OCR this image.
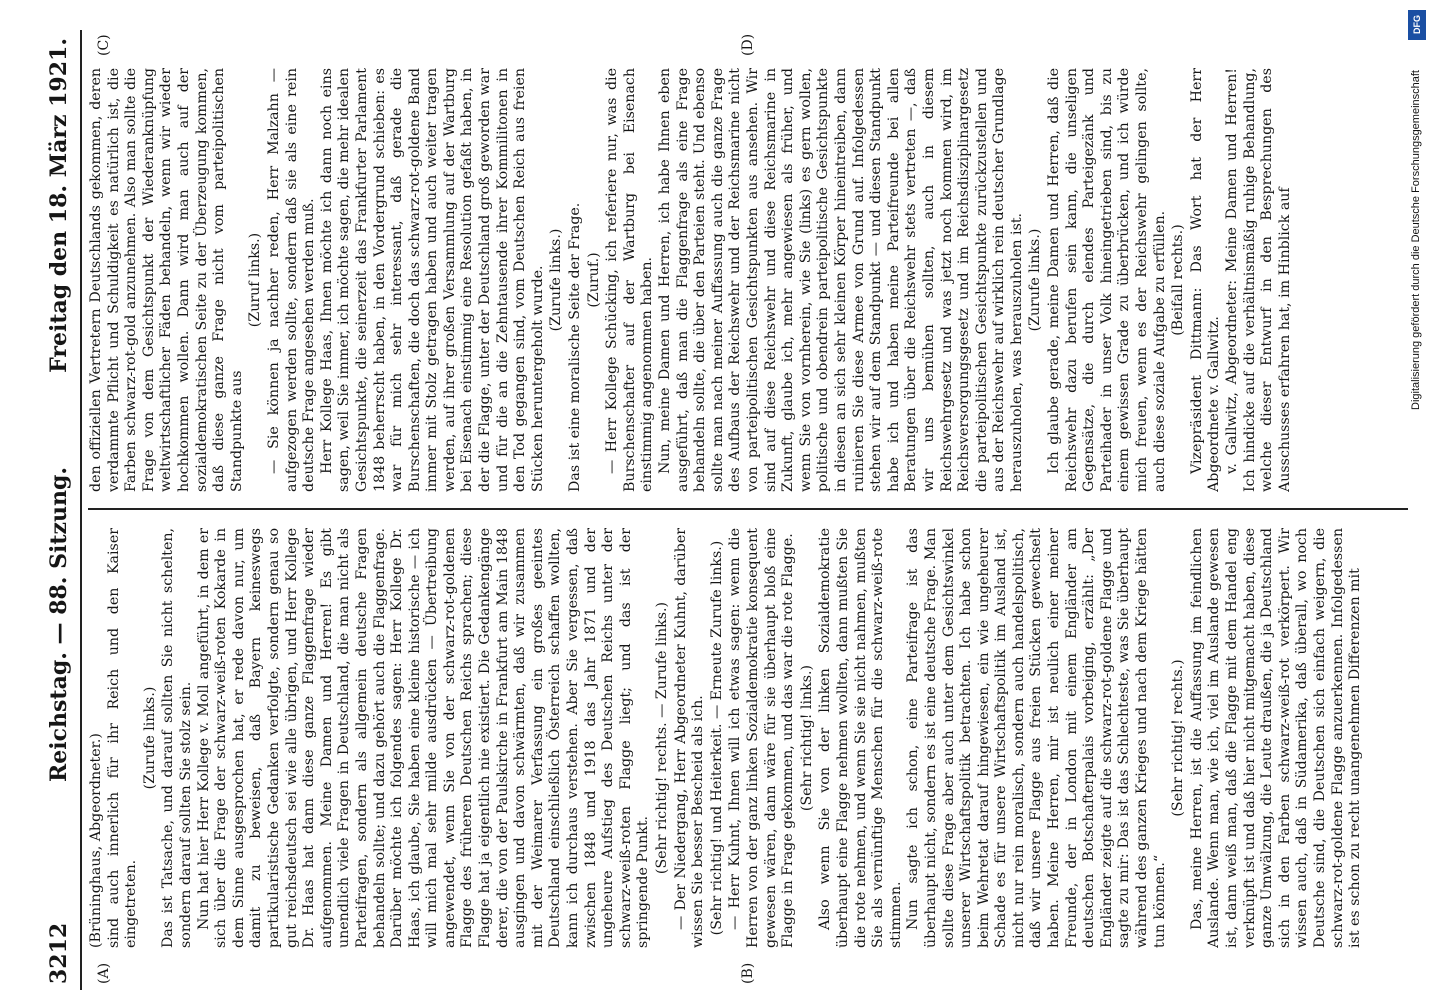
3212
Reichstag. — 88. Sitzung.
Freitag den 18. März 1921.
(A)	(B)
(C)	(D)

(Brüninghaus, Abgeordneter.) sind auch innerlich für ihr Reich und den Kaiser eingetreten.

(Zurufe links.) Das ist Tatsache, und darauf sollten Sie nicht schelten, sondern darauf sollten Sie stolz sein. Nun hat hier Herr Kollege v. Moll angeführt, in dem er sich über die Frage der schwarz-weiß-roten Kokarde in dem Sinne ausgesprochen hat, er rede davon nur, um damit zu beweisen, daß Bayern keineswegs partikularistische Gedanken verfolgte, sondern genau so gut reichsdeutsch sei wie alle übrigen, und Herr Kollege Dr. Haas hat dann diese ganze Flaggenfrage wieder aufgenommen. Meine Damen und Herren! Es gibt unendlich viele Fragen in Deutschland, die man nicht als Parteifragen, sondern als allgemein deutsche Fragen behandeln sollte; und dazu gehört auch die Flaggenfrage. Darüber möchte ich folgendes sagen: Herr Kollege Dr. Haas, ich glaube, Sie haben eine kleine historische — ich will mich mal sehr milde ausdrücken — Übertreibung angewendet, wenn Sie von der schwarz-rot-goldenen Flagge des früheren Deutschen Reichs sprachen; diese Flagge hat ja eigentlich nie existiert. Die Gedankengänge derer, die von der Paulskirche in Frankfurt am Main 1848 ausgingen und davon schwärmten, daß wir zusammen mit der Weimarer Verfassung ein großes geeintes Deutschland einschließlich Österreich schaffen wollten, kann ich durchaus verstehen. Aber Sie vergessen, daß zwischen 1848 und 1918 das Jahr 1871 und der ungeheure Aufstieg des Deutschen Reichs unter der schwarz-weiß-roten Flagge liegt; und das ist der springende Punkt.

(Sehr richtig! rechts. — Zurufe links.) — Der Niedergang, Herr Abgeordneter Kuhnt, darüber wissen Sie besser Bescheid als ich. (Sehr richtig! und Heiterkeit. — Erneute Zurufe links.) — Herr Kuhnt, Ihnen will ich etwas sagen: wenn die Herren von der ganz linken Sozialdemokratie konsequent gewesen wären, dann wäre für sie überhaupt bloß eine Flagge in Frage gekommen, und das war die rote Flagge. (Sehr richtig! links.) Also wenn Sie von der linken Sozialdemokratie überhaupt eine Flagge nehmen wollten, dann mußten Sie die rote nehmen, und wenn Sie sie nicht nahmen, mußten Sie als vernünftige Menschen für die schwarz-weiß-rote stimmen. Nun sagte ich schon, eine Parteifrage ist das überhaupt nicht, sondern es ist eine deutsche Frage. Man sollte diese Frage aber auch unter dem Gesichtswinkel unserer Wirtschaftspolitik betrachten. Ich habe schon beim Wehretat darauf hingewiesen, ein wie ungeheurer Schade es für unsere Wirtschaftspolitik im Ausland ist, nicht nur rein moralisch, sondern auch handelspolitisch, daß wir unsere Flagge aus freien Stücken gewechselt haben. Meine Herren, mir ist neulich einer meiner Freunde, der in London mit einem Engländer am deutschen Botschafterpalais vorbeiging, erzählt: „Der Engländer zeigte auf die schwarz-rot-goldene Flagge und sagte zu mir: Das ist das Schlechteste, was Sie überhaupt während des ganzen Krieges und nach dem Kriege hätten tun können.“

(Sehr richtig! rechts.) Das, meine Herren, ist die Auffassung im feindlichen Auslande. Wenn man, wie ich, viel im Auslande gewesen ist, dann weiß man, daß die Flagge mit dem Handel eng verknüpft ist und daß hier nicht mitgemacht haben, diese ganze Umwälzung, die Leute draußen, die ja Deutschland sich in den Farben schwarz-weiß-rot verkörpert. Wir wissen auch, daß in Südamerika, daß überall, wo noch Deutsche sind, die Deutschen sich einfach weigern, die schwarz-rot-goldene Flagge anzuerkennen. Infolgedessen ist es schon zu recht unangenehmen Differenzen mit

den offiziellen Vertretern Deutschlands gekommen, deren verdammte Pflicht und Schuldigkeit es natürlich ist, die Farben schwarz-rot-gold anzunehmen. Also man sollte die Frage von dem Gesichtspunkt der Wiederanknüpfung weltwirtschaftlicher Fäden behandeln, wenn wir wieder hochkommen wollen. Dann wird man auch auf der sozialdemokratischen Seite zu der Überzeugung kommen, daß diese ganze Frage nicht vom parteipolitischen Standpunkte aus

(Zuruf links.) — Sie können ja nachher reden, Herr Malzahn — aufgezogen werden sollte, sondern daß sie als eine rein deutsche Frage angesehen werden muß. Herr Kollege Haas, Ihnen möchte ich dann noch eins sagen, weil Sie immer, ich möchte sagen, die mehr idealen Gesichtspunkte, die seinerzeit das Frankfurter Parlament 1848 beherrscht haben, in den Vordergrund schieben: es war für mich sehr interessant, daß gerade die Burschenschaften, die doch das schwarz-rot-goldene Band immer mit Stolz getragen haben und auch weiter tragen werden, auf ihrer großen Versammlung auf der Wartburg bei Eisenach einstimmig eine Resolution gefaßt haben, in der die Flagge, unter der Deutschland groß geworden war und für die an die Zehntausende ihrer Kommilitonen in den Tod gegangen sind, vom Deutschen Reich aus freien Stücken heruntergeholt wurde. (Zurufe links.) Das ist eine moralische Seite der Frage. (Zuruf.) — Herr Kollege Schücking, ich referiere nur, was die Burschenschafter auf der Wartburg bei Eisenach einstimmig angenommen haben. Nun, meine Damen und Herren, ich habe Ihnen eben ausgeführt, daß man die Flaggenfrage als eine Frage behandeln sollte, die über den Parteien steht. Und ebenso sollte man nach meiner Auffassung auch die ganze Frage des Aufbaus der Reichswehr und der Reichsmarine nicht von parteipolitischen Gesichtspunkten aus ansehen. Wir sind auf diese Reichswehr und diese Reichsmarine in Zukunft, glaube ich, mehr angewiesen als früher, und wenn Sie von vornherein, wie Sie (links) es gern wollen, politische und obendrein parteipolitische Gesichtspunkte in diesen an sich sehr kleinen Körper hineintreiben, dann ruinieren Sie diese Armee von Grund auf. Infolgedessen stehen wir auf dem Standpunkt — und diesen Standpunkt habe ich und haben meine Parteifreunde bei allen Beratungen über die Reichswehr stets vertreten —, daß wir uns bemühen sollten, auch in diesem Reichswehrgesetz und was jetzt noch kommen wird, im Reichsversorgungsgesetz und im Reichsdisziplinargesetz die parteipolitischen Gesichtspunkte zurückzustellen und aus der Reichswehr auf wirklich rein deutscher Grundlage herauszuholen, was herauszuholen ist. (Zurufe links.) Ich glaube gerade, meine Damen und Herren, daß die Reichswehr dazu berufen sein kann, die unseligen Gegensätze, die durch elendes Parteigezänk und Parteihader in unser Volk hineingetrieben sind, bis zu einem gewissen Grade zu überbrücken, und ich würde mich freuen, wenn es der Reichswehr gelingen sollte, auch diese soziale Aufgabe zu erfüllen. (Beifall rechts.) Vizepräsident Dittmann: Das Wort hat der Herr Abgeordnete v. Gallwitz. v. Gallwitz, Abgeordneter: Meine Damen und Herren! Ich hindicke auf die verhältnismäßig ruhige Behandlung, welche dieser Entwurf in den Besprechungen des Ausschusses erfahren hat, im Hinblick auf	Digitalisierung gefördert durch die Deutsche Forschungsgemeinschaft
DFG
